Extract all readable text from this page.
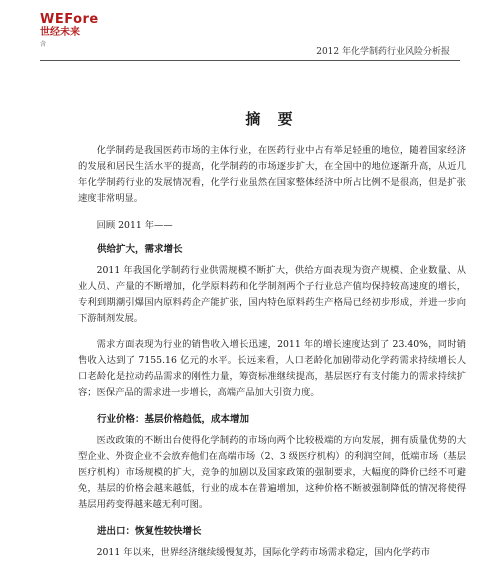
WEFore
世经未来
含
2012 年化学制药行业风险分析报
摘 要

化学制药是我国医药市场的主体行业，在医药行业中占有举足轻重的地位，随着国家经济的发展和居民生活水平的提高，化学制药的市场逐步扩大，在全国中的地位逐渐升高，从近几年化学制药行业的发展情况看，化学行业虽然在国家整体经济中所占比例不是很高，但是扩张速度非常明显。

回顾 2011 年——
供给扩大，需求增长

2011 年我国化学制药行业供需规模不断扩大，供给方面表现为资产规模、企业数量、从业人员、产量的不断增加，化学原料药和化学制剂两个子行业总产值均保持较高速度的增长，专利到期潮引爆国内原料药企产能扩张，国内特色原料药生产格局已经初步形成，并进一步向下游制剂发展。

需求方面表现为行业的销售收入增长迅速，2011 年的增长速度达到了 23.40%，同时销售收入达到了 7155.16 亿元的水平。长远来看，人口老龄化加剧带动化学药需求持续增长人口老龄化是拉动药品需求的刚性力量，筹资标准继续提高，基层医疗有支付能力的需求持续扩容；医保产品的需求进一步增长，高端产品加大引资力度。

行业价格：基层价格趋低，成本增加

医改政策的不断出台使得化学制药的市场向两个比较极端的方向发展，拥有质量优势的大型企业、外资企业不会放弃他们在高端市场（2、3 级医疗机构）的利润空间，低端市场（基层医疗机构）市场规模的扩大，竞争的加剧以及国家政策的强制要求，大幅度的降价已经不可避免，基层的价格会越来越低，行业的成本在普遍增加，这种价格不断被强制降低的情况将使得基层用药变得越来越无利可图。

进出口：恢复性较快增长

2011 年以来，世界经济继续缓慢复苏，国际化学药市场需求稳定，国内化学药市
